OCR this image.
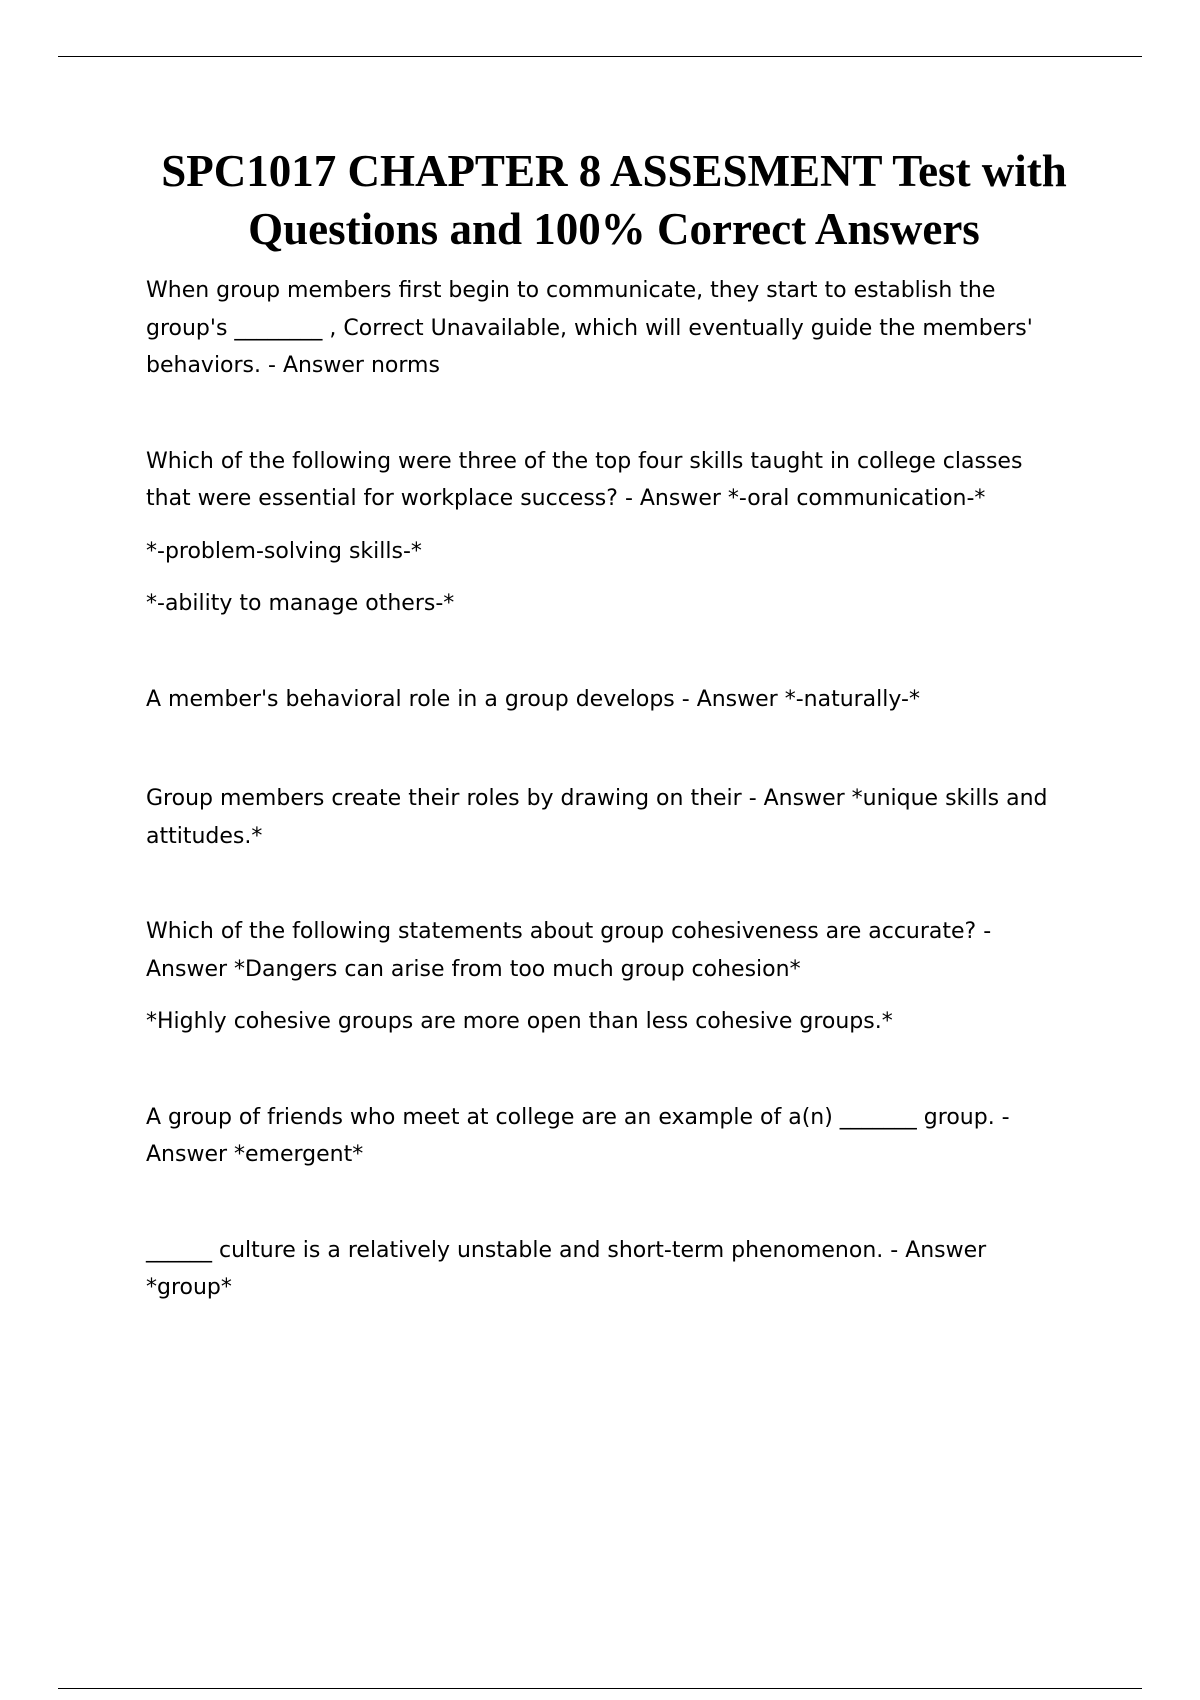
SPC1017 CHAPTER 8 ASSESMENT Test with
Questions and 100% Correct Answers
When group members first begin to communicate, they start to establish the
group's ________ , Correct Unavailable, which will eventually guide the members'
behaviors. - Answer norms
Which of the following were three of the top four skills taught in college classes
that were essential for workplace success? - Answer *-oral communication-*
*-problem-solving skills-*
*-ability to manage others-*
A member's behavioral role in a group develops - Answer *-naturally-*
Group members create their roles by drawing on their - Answer *unique skills and
attitudes.*
Which of the following statements about group cohesiveness are accurate? -
Answer *Dangers can arise from too much group cohesion*
*Highly cohesive groups are more open than less cohesive groups.*
A group of friends who meet at college are an example of a(n) _______ group. -
Answer *emergent*
______ culture is a relatively unstable and short-term phenomenon. - Answer
*group*
